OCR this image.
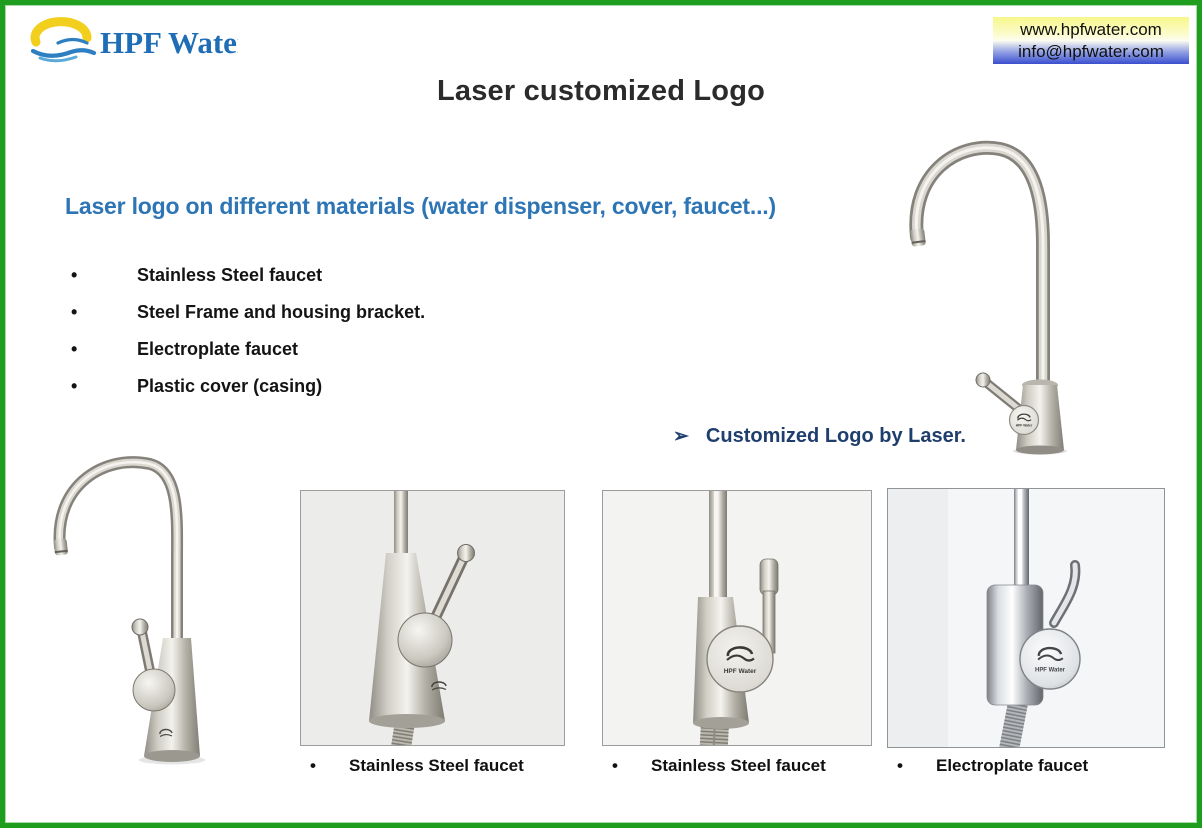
HPF Water	www.hpfwater.com
info@hpfwater.com
Laser customized Logo
Laser logo on different materials (water dispenser, cover, faucet...)
•	Stainless Steel faucet
•	Steel Frame and housing bracket.
•	Electroplate faucet
•	Plastic cover (casing)
➢ Customized Logo by Laser.	HPF Water
HPF Water	HPF Water
•	Stainless Steel faucet	•	Stainless Steel faucet	•	Electroplate faucet
